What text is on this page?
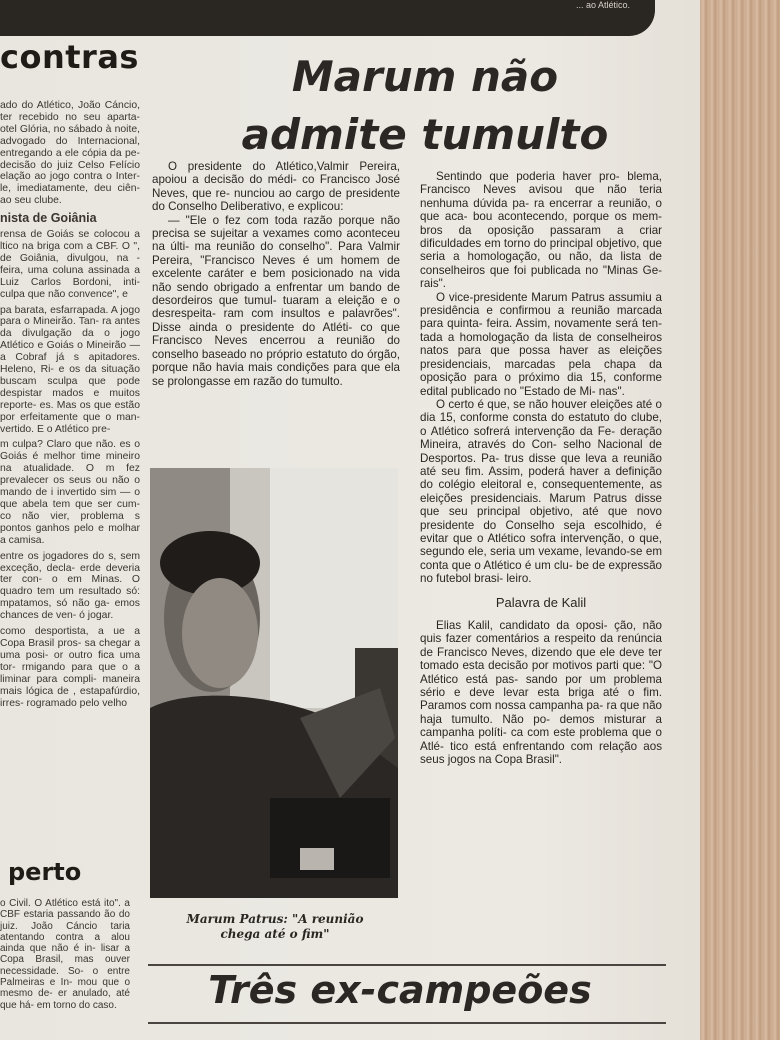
... ao Atlético.
contras

ado do Atlético, João Cáncio, ter recebido no seu aparta- otel Glória, no sábado à noite, advogado do Internacional, entregando a ele cópia da pe- decisão do juiz Celso Felício elação ao jogo contra o Inter- le, imediatamente, deu ciên- ao seu clube.

nista de Goiânia

rensa de Goiás se colocou a ltico na briga com a CBF. O ", de Goiânia, divulgou, na -feira, uma coluna assinada a Luiz Carlos Bordoni, inti- culpa que não convence", e

pa barata, esfarrapada. A jogo para o Mineirão. Tan- ra antes da divulgação da o jogo Atlético e Goiás o Mineirão — a Cobraf já s apitadores. Heleno, Ri- e os da situação buscam sculpa que pode despistar mados e muitos reporte- es. Mas os que estão por erfeitamente que o man- vertido. E o Atlético pre-

m culpa? Claro que não. es o Goiás é melhor time mineiro na atualidade. O m fez prevalecer os seus ou não o mando de i invertido sim — o que abela tem que ser cum- co não vier, problema s pontos ganhos pelo e molhar a camisa.

entre os jogadores do s, sem exceção, decla- erde deveria ter con- o em Minas. O quadro tem um resultado só: mpatamos, só não ga- emos chances de ven- ó jogar.

como desportista, a ue a Copa Brasil pros- sa chegar a uma posi- or outro fica uma tor- rmigando para que o a liminar para compli- maneira mais lógica de , estapafúrdio, irres- rogramado pelo velho

perto

o Civil. O Atlético está ito". a CBF estaria passando ão do juiz. João Cáncio taria atentando contra a alou ainda que não é in- lisar a Copa Brasil, mas ouver necessidade. So- o entre Palmeiras e In- mou que o mesmo de- er anulado, até que há- em torno do caso.

Marum não
admite tumulto

O presidente do Atlético,Valmir Pereira, apoiou a decisão do médi- co Francisco José Neves, que re- nunciou ao cargo de presidente do Conselho Deliberativo, e explicou:

— "Ele o fez com toda razão porque não precisa se sujeitar a vexames como aconteceu na últi- ma reunião do conselho". Para Valmir Pereira, "Francisco Neves é um homem de excelente caráter e bem posicionado na vida não sendo obrigado a enfrentar um bando de desordeiros que tumul- tuaram a eleição e o desrespeita- ram com insultos e palavrões". Disse ainda o presidente do Atléti- co que Francisco Neves encerrou a reunião do conselho baseado no próprio estatuto do órgão, porque não havia mais condições para que ela se prolongasse em razão do tumulto.

Marum Patrus: "A reunião
chega até o fim"

Sentindo que poderia haver pro- blema, Francisco Neves avisou que não teria nenhuma dúvida pa- ra encerrar a reunião, o que aca- bou acontecendo, porque os mem- bros da oposição passaram a criar dificuldades em torno do principal objetivo, que seria a homologação, ou não, da lista de conselheiros que foi publicada no "Minas Ge- rais".

O vice-presidente Marum Patrus assumiu a presidência e confirmou a reunião marcada para quinta- feira. Assim, novamente será ten- tada a homologação da lista de conselheiros natos para que possa haver as eleições presidenciais, marcadas pela chapa da oposição para o próximo dia 15, conforme edital publicado no "Estado de Mi- nas".

O certo é que, se não houver eleições até o dia 15, conforme consta do estatuto do clube, o Atlético sofrerá intervenção da Fe- deração Mineira, através do Con- selho Nacional de Desportos. Pa- trus disse que leva a reunião até seu fim. Assim, poderá haver a definição do colégio eleitoral e, consequentemente, as eleições presidenciais. Marum Patrus disse que seu principal objetivo, até que novo presidente do Conselho seja escolhido, é evitar que o Atlético sofra intervenção, o que, segundo ele, seria um vexame, levando-se em conta que o Atlético é um clu- be de expressão no futebol brasi- leiro.

Palavra de Kalil

Elias Kalil, candidato da oposi- ção, não quis fazer comentários a respeito da renúncia de Francisco Neves, dizendo que ele deve ter tomado esta decisão por motivos parti que: "O Atlético está pas- sando por um problema sério e deve levar esta briga até o fim. Paramos com nossa campanha pa- ra que não haja tumulto. Não po- demos misturar a campanha políti- ca com este problema que o Atlé- tico está enfrentando com relação aos seus jogos na Copa Brasil".

Três ex-campeões
